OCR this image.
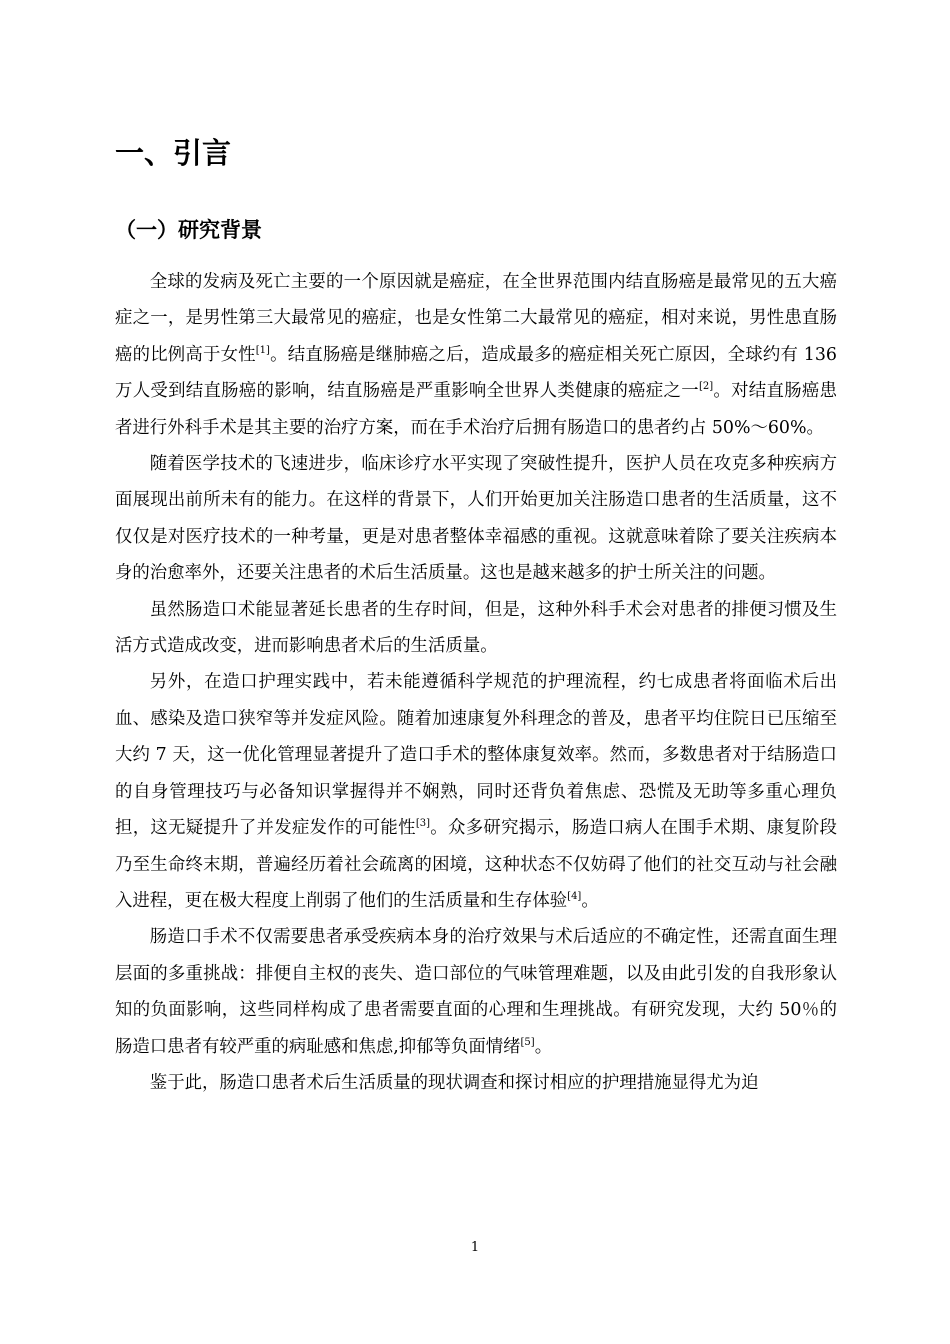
一、引言
（一）研究背景

全球的发病及死亡主要的一个原因就是癌症，在全世界范围内结直肠癌是最常见的五大癌症之一，是男性第三大最常见的癌症，也是女性第二大最常见的癌症，相对来说，男性患直肠癌的比例高于女性[1]。结直肠癌是继肺癌之后，造成最多的癌症相关死亡原因，全球约有 136 万人受到结直肠癌的影响，结直肠癌是严重影响全世界人类健康的癌症之一[2]。对结直肠癌患者进行外科手术是其主要的治疗方案，而在手术治疗后拥有肠造口的患者约占 50%～60%。

随着医学技术的飞速进步，临床诊疗水平实现了突破性提升，医护人员在攻克多种疾病方面展现出前所未有的能力。在这样的背景下，人们开始更加关注肠造口患者的生活质量，这不仅仅是对医疗技术的一种考量，更是对患者整体幸福感的重视。这就意味着除了要关注疾病本身的治愈率外，还要关注患者的术后生活质量。这也是越来越多的护士所关注的问题。

虽然肠造口术能显著延长患者的生存时间，但是，这种外科手术会对患者的排便习惯及生活方式造成改变，进而影响患者术后的生活质量。

另外，在造口护理实践中，若未能遵循科学规范的护理流程，约七成患者将面临术后出血、感染及造口狭窄等并发症风险。随着加速康复外科理念的普及，患者平均住院日已压缩至大约 7 天，这一优化管理显著提升了造口手术的整体康复效率。然而，多数患者对于结肠造口的自身管理技巧与必备知识掌握得并不娴熟，同时还背负着焦虑、恐慌及无助等多重心理负担，这无疑提升了并发症发作的可能性[3]。众多研究揭示，肠造口病人在围手术期、康复阶段乃至生命终末期，普遍经历着社会疏离的困境，这种状态不仅妨碍了他们的社交互动与社会融入进程，更在极大程度上削弱了他们的生活质量和生存体验[4]。

肠造口手术不仅需要患者承受疾病本身的治疗效果与术后适应的不确定性，还需直面生理层面的多重挑战：排便自主权的丧失、造口部位的气味管理难题，以及由此引发的自我形象认知的负面影响，这些同样构成了患者需要直面的心理和生理挑战。有研究发现，大约 50％的肠造口患者有较严重的病耻感和焦虑,抑郁等负面情绪[5]。

鉴于此，肠造口患者术后生活质量的现状调查和探讨相应的护理措施显得尤为迫

1
